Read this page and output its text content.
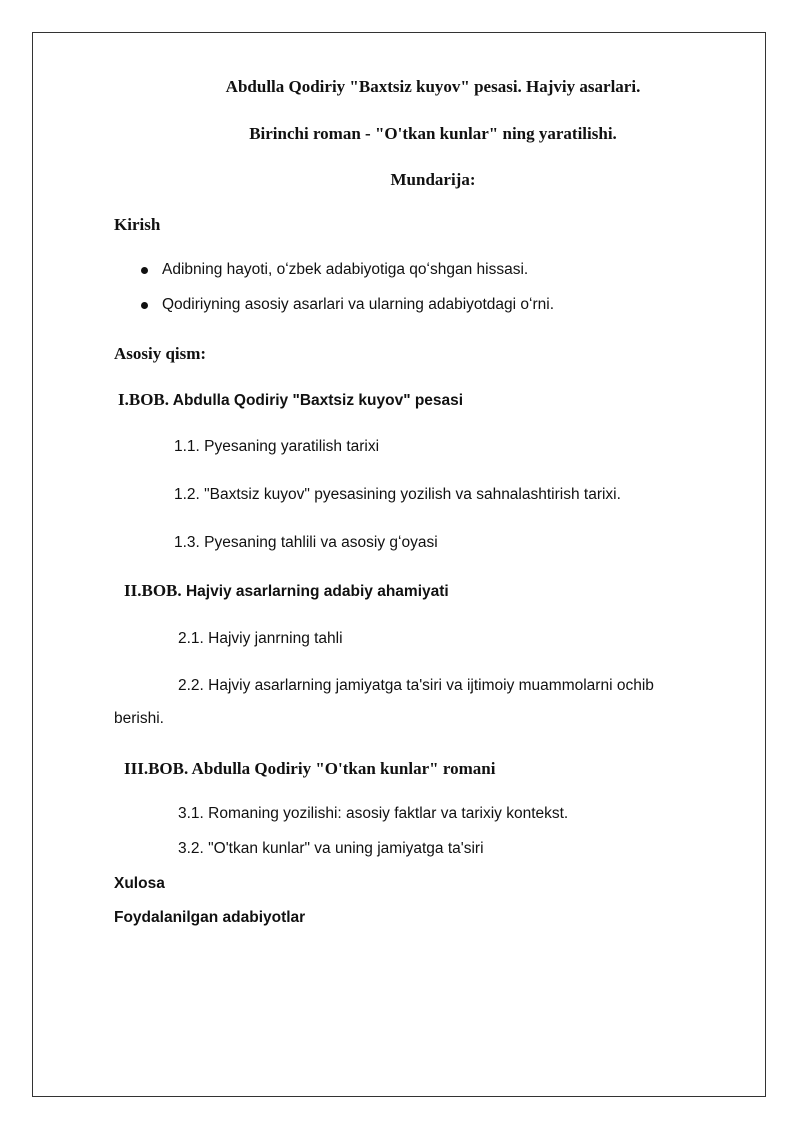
Abdulla Qodiriy "Baxtsiz kuyov" pesasi. Hajviy asarlari.
Birinchi roman - "O'tkan kunlar" ning yaratilishi.
Mundarija:
Kirish
Adibning hayoti, oʻzbek adabiyotiga qoʻshgan hissasi.
Qodiriyning asosiy asarlari va ularning adabiyotdagi oʻrni.
Asosiy qism:
I.BOB. Abdulla Qodiriy "Baxtsiz kuyov" pesasi
1.1. Pyesaning yaratilish tarixi
1.2. "Baxtsiz kuyov" pyesasining yozilish va sahnalashtirish tarixi.
1.3. Pyesaning tahlili va asosiy gʻoyasi
II.BOB. Hajviy asarlarning adabiy ahamiyati
2.1. Hajviy janrning tahli
2.2. Hajviy asarlarning jamiyatga ta'siri va ijtimoiy muammolarni ochib
berishi.
III.BOB. Abdulla Qodiriy "O'tkan kunlar" romani
3.1. Romaning yozilishi: asosiy faktlar va tarixiy kontekst.
3.2. "O'tkan kunlar" va uning jamiyatga ta'siri
Xulosa
Foydalanilgan adabiyotlar
